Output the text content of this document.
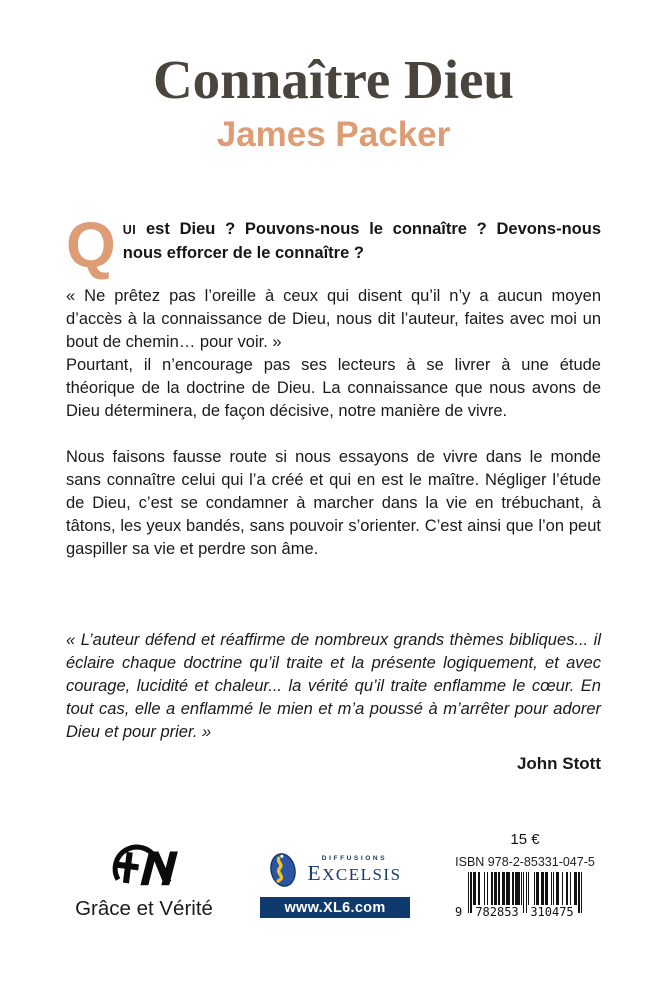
Connaître Dieu
James Packer

QUI est Dieu ? Pouvons-nous le connaître ? Devons-nous nous efforcer de le connaître ?

« Ne prêtez pas l’oreille à ceux qui disent qu’il n’y a aucun moyen d’accès à la connaissance de Dieu, nous dit l’auteur, faites avec moi un bout de chemin… pour voir. »

Pourtant, il n’encourage pas ses lecteurs à se livrer à une étude théorique de la doctrine de Dieu. La connaissance que nous avons de Dieu déterminera, de façon décisive, notre manière de vivre.

Nous faisons fausse route si nous essayons de vivre dans le monde sans connaître celui qui l’a créé et qui en est le maître. Négliger l’étude de Dieu, c’est se condamner à marcher dans la vie en trébuchant, à tâtons, les yeux bandés, sans pouvoir s’orienter. C’est ainsi que l’on peut gaspiller sa vie et perdre son âme.

« L’auteur défend et réaffirme de nombreux grands thèmes bibliques... il éclaire chaque doctrine qu’il traite et la présente logiquement, et avec courage, lucidité et chaleur... la vérité qu’il traite enflamme le cœur. En tout cas, elle a enflammé le mien et m’a poussé à m’arrêter pour adorer Dieu et pour prier. »

John Stott

Grâce et Vérité
DIFFUSIONS
EXCELSIS
www.XL6.com
15 €
ISBN 978-2-85331-047-5
9 782853 310475
